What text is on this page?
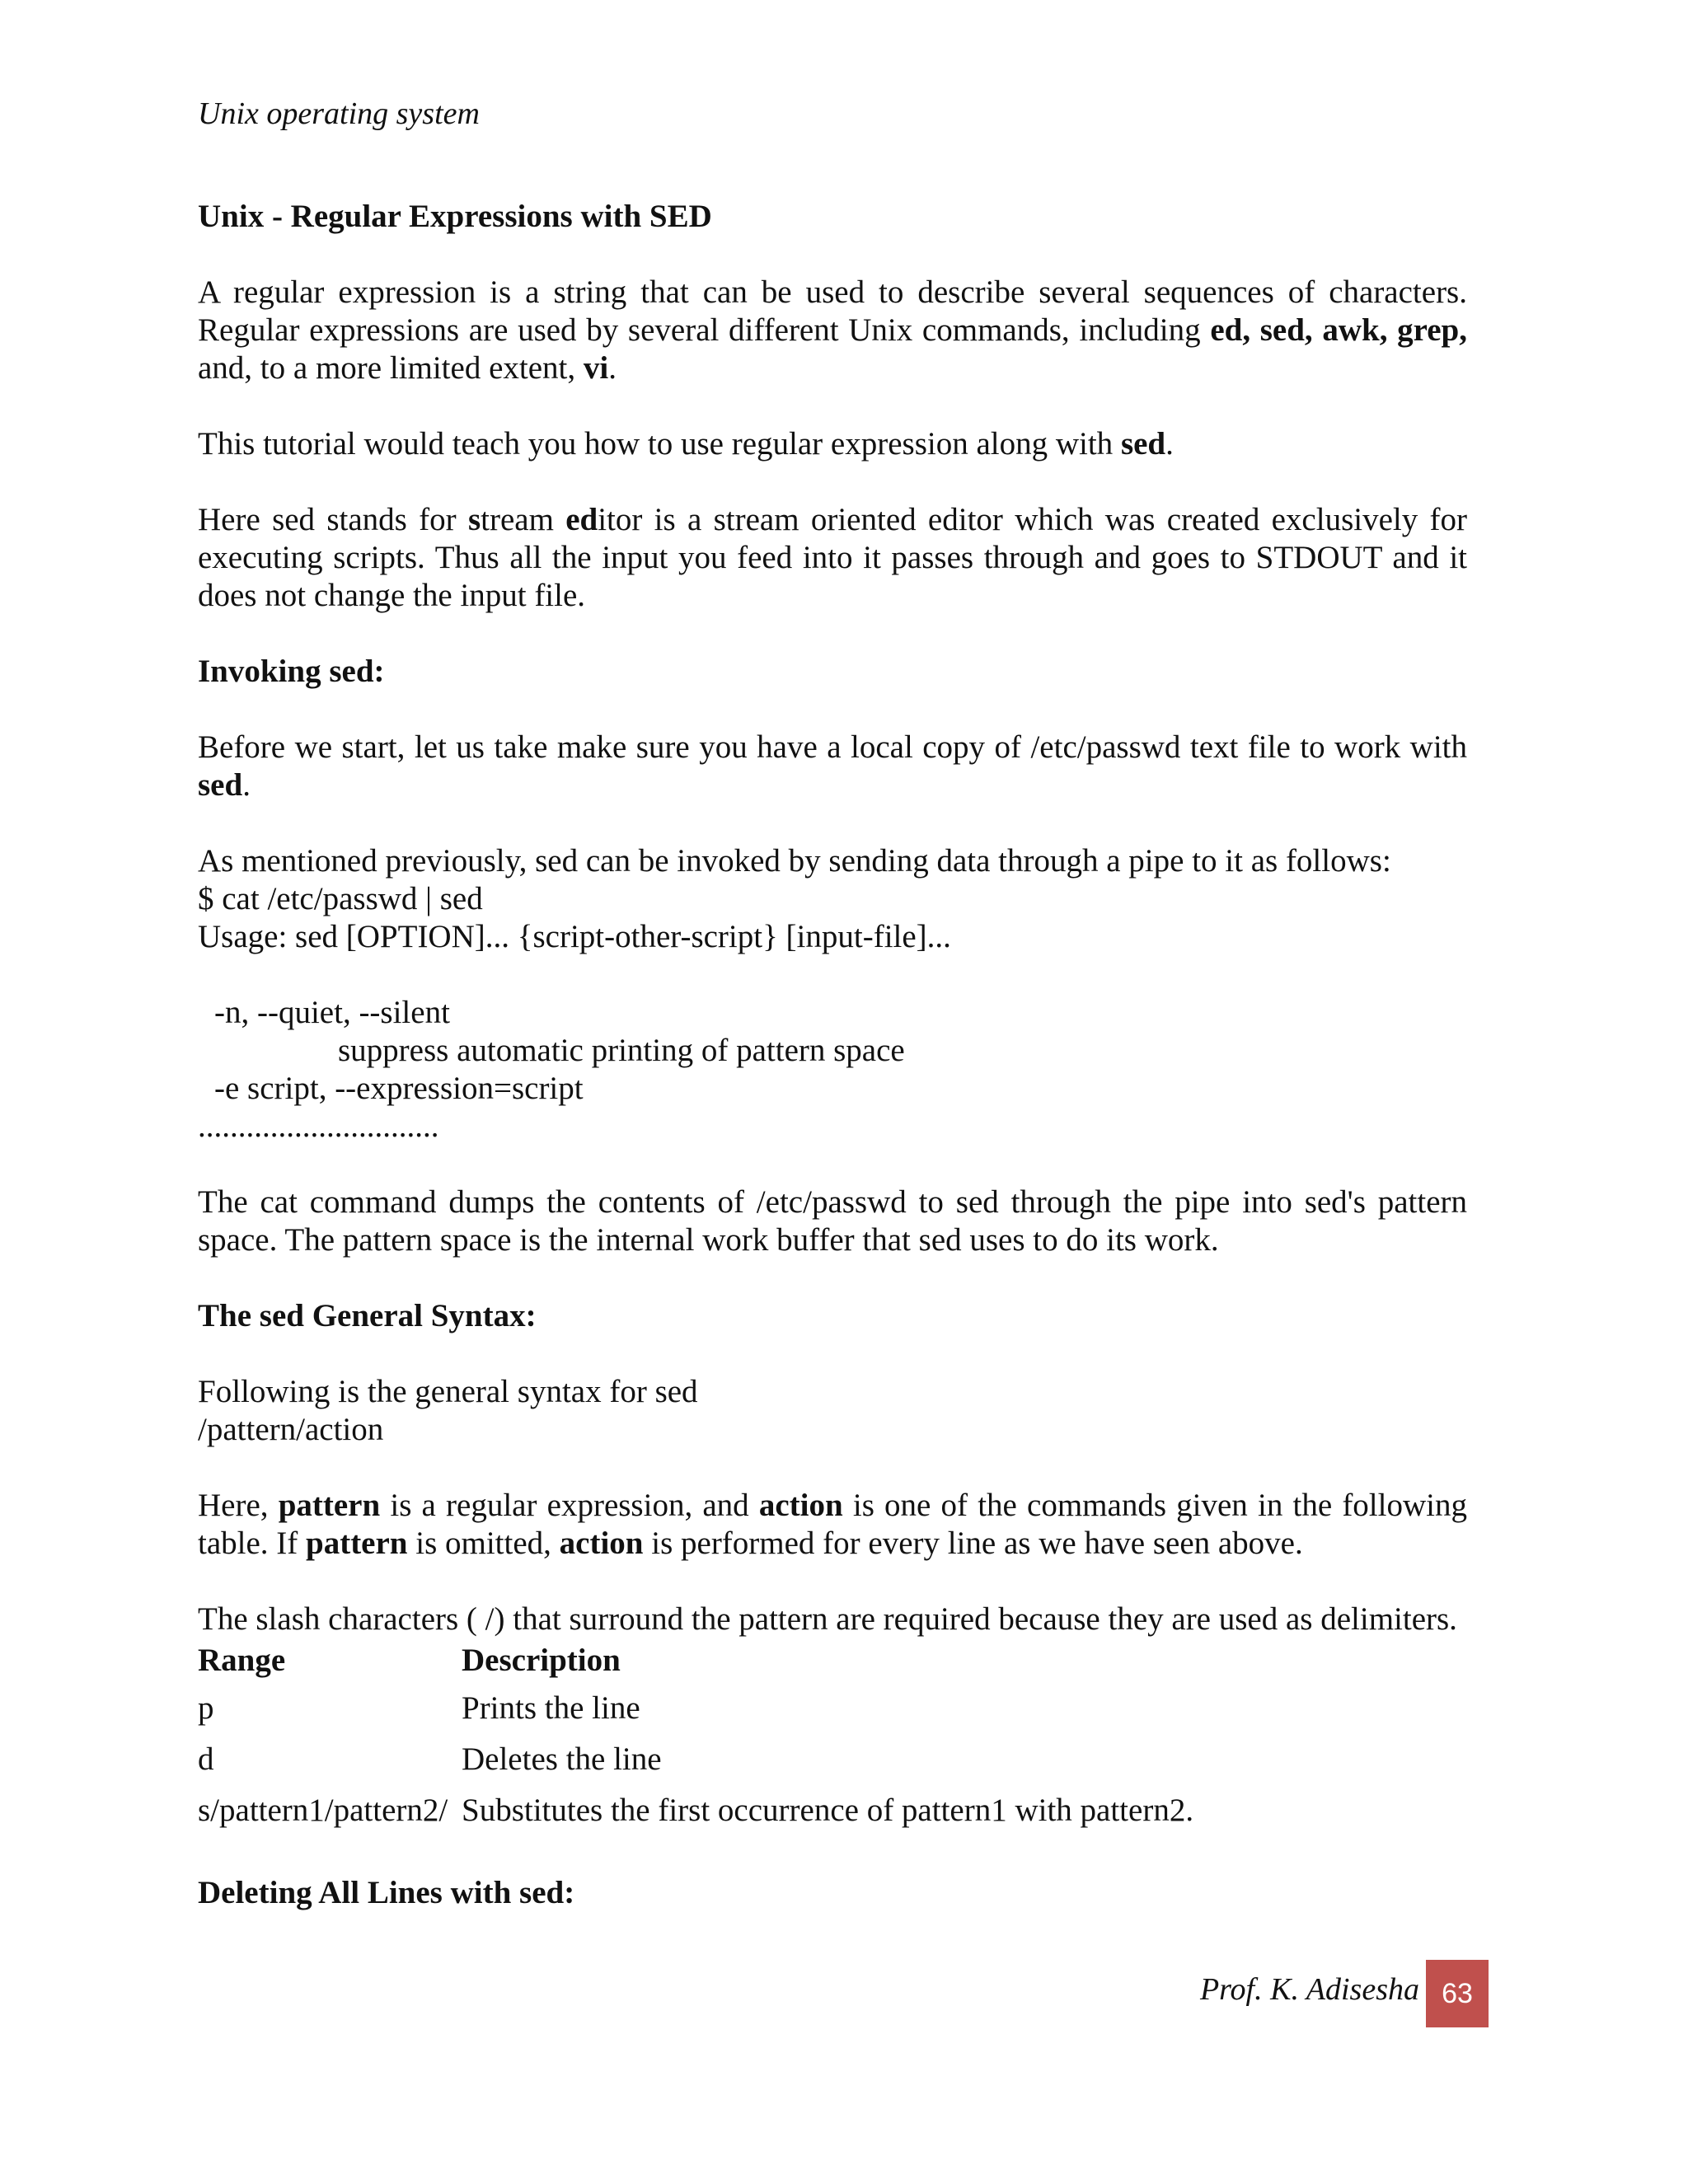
Unix operating system

Unix - Regular Expressions with SED

A regular expression is a string that can be used to describe several sequences of characters. Regular expressions are used by several different Unix commands, including ed, sed, awk, grep, and, to a more limited extent, vi.

This tutorial would teach you how to use regular expression along with sed.

Here sed stands for stream editor is a stream oriented editor which was created exclusively for executing scripts. Thus all the input you feed into it passes through and goes to STDOUT and it does not change the input file.

Invoking sed:

Before we start, let us take make sure you have a local copy of /etc/passwd text file to work with sed.

As mentioned previously, sed can be invoked by sending data through a pipe to it as follows:

$ cat /etc/passwd | sed

Usage: sed [OPTION]... {script-other-script} [input-file]...

-n, --quiet, --silent

suppress automatic printing of pattern space

-e script, --expression=script

..............................

The cat command dumps the contents of /etc/passwd to sed through the pipe into sed's pattern space. The pattern space is the internal work buffer that sed uses to do its work.

The sed General Syntax:

Following is the general syntax for sed

/pattern/action

Here, pattern is a regular expression, and action is one of the commands given in the following table. If pattern is omitted, action is performed for every line as we have seen above.

The slash characters ( /) that surround the pattern are required because they are used as delimiters.

Range	Description
p	Prints the line
d	Deletes the line
s/pattern1/pattern2/	Substitutes the first occurrence of pattern1 with pattern2.
Deleting All Lines with sed:
Prof. K. Adisesha 63
